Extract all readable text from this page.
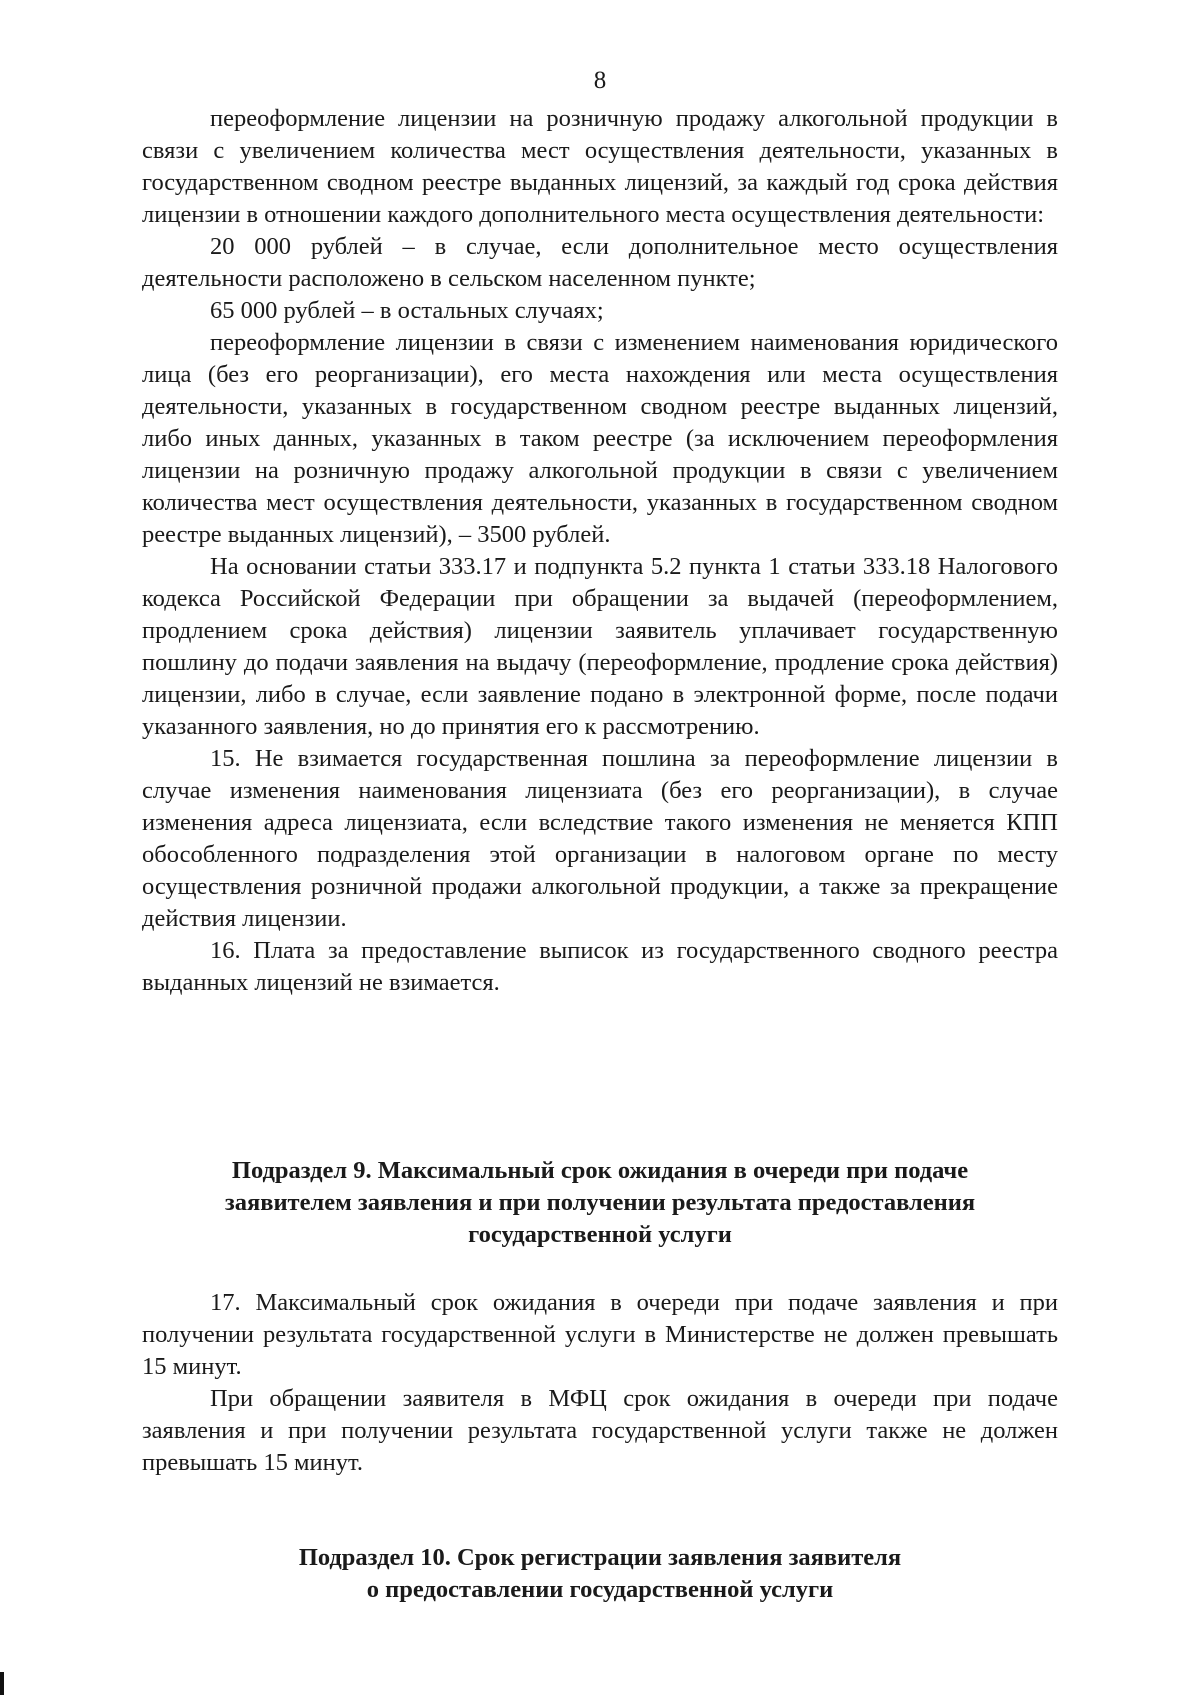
8

переоформление лицензии на розничную продажу алкогольной продукции в связи с увеличением количества мест осуществления деятельности, указанных в государственном сводном реестре выданных лицензий, за каждый год срока действия лицензии в отношении каждого дополнительного места осуществления деятельности:

20 000 рублей – в случае, если дополнительное место осуществления деятельности расположено в сельском населенном пункте;

65 000 рублей – в остальных случаях;

переоформление лицензии в связи с изменением наименования юридического лица (без его реорганизации), его места нахождения или места осуществления деятельности, указанных в государственном сводном реестре выданных лицензий, либо иных данных, указанных в таком реестре (за исключением переоформления лицензии на розничную продажу алкогольной продукции в связи с увеличением количества мест осуществления деятельности, указанных в государственном сводном реестре выданных лицензий), – 3500 рублей.

На основании статьи 333.17 и подпункта 5.2 пункта 1 статьи 333.18 Налогового кодекса Российской Федерации при обращении за выдачей (переоформлением, продлением срока действия) лицензии заявитель уплачивает государственную пошлину до подачи заявления на выдачу (переоформление, продление срока действия) лицензии, либо в случае, если заявление подано в электронной форме, после подачи указанного заявления, но до принятия его к рассмотрению.

15. Не взимается государственная пошлина за переоформление лицензии в случае изменения наименования лицензиата (без его реорганизации), в случае изменения адреса лицензиата, если вследствие такого изменения не меняется КПП обособленного подразделения этой организации в налоговом органе по месту осуществления розничной продажи алкогольной продукции, а также за прекращение действия лицензии.

16. Плата за предоставление выписок из государственного сводного реестра выданных лицензий не взимается.

Подраздел 9. Максимальный срок ожидания в очереди при подаче
заявителем заявления и при получении результата предоставления
государственной услуги

17. Максимальный срок ожидания в очереди при подаче заявления и при получении результата государственной услуги в Министерстве не должен превышать 15 минут.

При обращении заявителя в МФЦ срок ожидания в очереди при подаче заявления и при получении результата государственной услуги также не должен превышать 15 минут.

Подраздел 10. Срок регистрации заявления заявителя
о предоставлении государственной услуги
